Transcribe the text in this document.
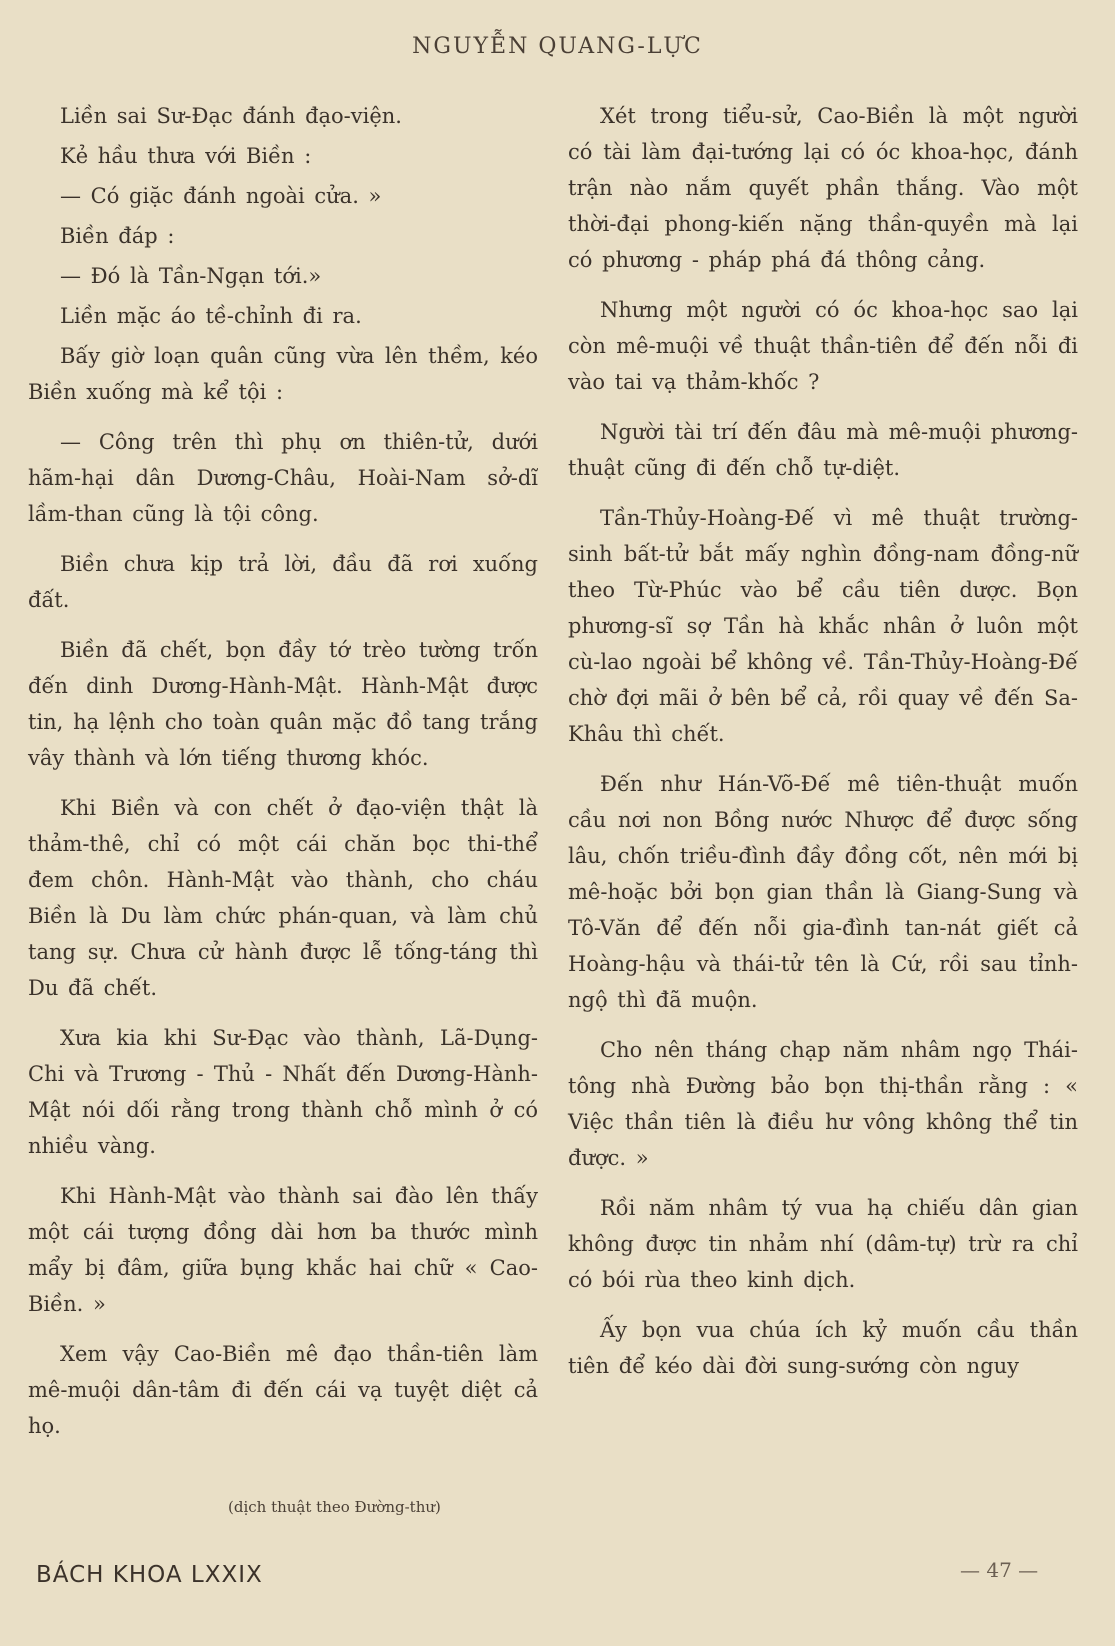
NGUYỄN QUANG-LỰC

Liền sai Sư-Đạc đánh đạo-viện.

Kẻ hầu thưa với Biền :

— Có giặc đánh ngoài cửa. »

Biền đáp :

— Đó là Tần-Ngạn tới.»

Liền mặc áo tề-chỉnh đi ra.

Bấy giờ loạn quân cũng vừa lên thềm, kéo Biền xuống mà kể tội :

— Công trên thì phụ ơn thiên-tử, dưới hãm-hại dân Dương-Châu, Hoài-Nam sở-dĩ lầm-than cũng là tội công.

Biền chưa kịp trả lời, đầu đã rơi xuống đất.

Biền đã chết, bọn đầy tớ trèo tường trốn đến dinh Dương-Hành-Mật. Hành-Mật được tin, hạ lệnh cho toàn quân mặc đồ tang trắng vây thành và lớn tiếng thương khóc.

Khi Biền và con chết ở đạo-viện thật là thảm-thê, chỉ có một cái chăn bọc thi-thể đem chôn. Hành-Mật vào thành, cho cháu Biền là Du làm chức phán-quan, và làm chủ tang sự. Chưa cử hành được lễ tống-táng thì Du đã chết.

Xưa kia khi Sư-Đạc vào thành, Lã-Dụng-Chi và Trương - Thủ - Nhất đến Dương-Hành-Mật nói dối rằng trong thành chỗ mình ở có nhiều vàng.

Khi Hành-Mật vào thành sai đào lên thấy một cái tượng đồng dài hơn ba thước mình mẩy bị đâm, giữa bụng khắc hai chữ « Cao-Biền. »

Xem vậy Cao-Biền mê đạo thần-tiên làm mê-muội dân-tâm đi đến cái vạ tuyệt diệt cả họ.

(dịch thuật theo Đường-thư)

Xét trong tiểu-sử, Cao-Biền là một người có tài làm đại-tướng lại có óc khoa-học, đánh trận nào nắm quyết phần thắng. Vào một thời-đại phong-kiến nặng thần-quyền mà lại có phương - pháp phá đá thông cảng.

Nhưng một người có óc khoa-học sao lại còn mê-muội về thuật thần-tiên để đến nỗi đi vào tai vạ thảm-khốc ?

Người tài trí đến đâu mà mê-muội phương-thuật cũng đi đến chỗ tự-diệt.

Tần-Thủy-Hoàng-Đế vì mê thuật trường-sinh bất-tử bắt mấy nghìn đồng-nam đồng-nữ theo Từ-Phúc vào bể cầu tiên dược. Bọn phương-sĩ sợ Tần hà khắc nhân ở luôn một cù-lao ngoài bể không về. Tần-Thủy-Hoàng-Đế chờ đợi mãi ở bên bể cả, rồi quay về đến Sa-Khâu thì chết.

Đến như Hán-Võ-Đế mê tiên-thuật muốn cầu nơi non Bồng nước Nhược để được sống lâu, chốn triều-đình đầy đồng cốt, nên mới bị mê-hoặc bởi bọn gian thần là Giang-Sung và Tô-Văn để đến nỗi gia-đình tan-nát giết cả Hoàng-hậu và thái-tử tên là Cứ, rồi sau tỉnh-ngộ thì đã muộn.

Cho nên tháng chạp năm nhâm ngọ Thái-tông nhà Đường bảo bọn thị-thần rằng : « Việc thần tiên là điều hư vông không thể tin được. »

Rồi năm nhâm tý vua hạ chiếu dân gian không được tin nhảm nhí (dâm-tự) trừ ra chỉ có bói rùa theo kinh dịch.

Ấy bọn vua chúa ích kỷ muốn cầu thần tiên để kéo dài đời sung-sướng còn nguy

BÁCH KHOA LXXIX	— 47 —
